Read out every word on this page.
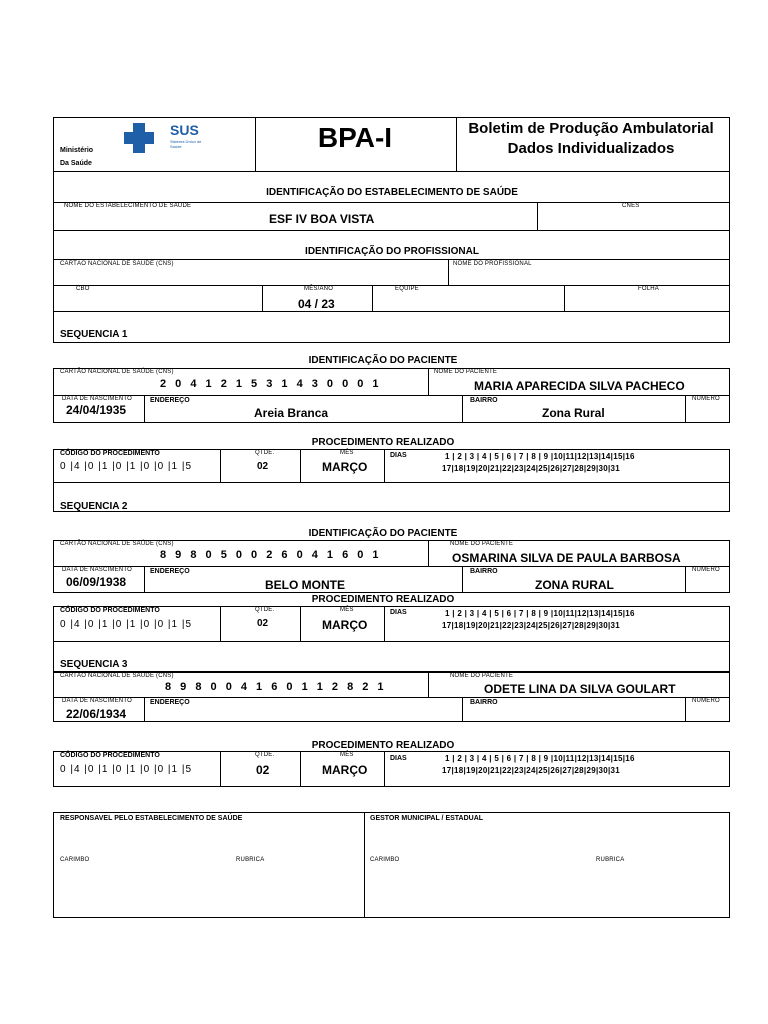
SUS
Sistema Único de Saúde
Ministério
Da Saúde
BPA-I	Boletim de Produção Ambulatorial
Dados Individualizados
IDENTIFICAÇÃO DO ESTABELECIMENTO DE SAÚDE
NOME DO ESTABELECIMENTO DE SAUDE	CNES
ESF IV BOA VISTA
IDENTIFICAÇÃO DO PROFISSIONAL
CARTÃO NACIONAL DE SAÚDE (CNS)	NOME DO PROFISSIONAL
CBO	MÊS/ANO
04 / 23
EQUIPE	FOLHA
SEQUENCIA 1
IDENTIFICAÇÃO DO PACIENTE
CARTÃO NACIONAL DE SAÚDE (CNS)
2 0 4 1 2 1 5 3 1 4 3 0 0 0 1
NOME DO PACIENTE
MARIA APARECIDA SILVA PACHECO
DATA DE NASCIMENTO
24/04/1935
ENDEREÇO
Areia Branca
BAIRRO
Zona Rural
NUMERO
PROCEDIMENTO REALIZADO
CÓDIGO DO PROCEDIMENTO
0 |4 |0 |1 |0 |1 |0 |0 |1 |5
QTDE.
02
MÊS
MARÇO
DIAS	1 | 2 | 3 | 4 | 5 | 6 | 7 | 8 | 9 |10|11|12|13|14|15|16
17|18|19|20|21|22|23|24|25|26|27|28|29|30|31
SEQUENCIA 2
IDENTIFICAÇÃO DO PACIENTE
CARTÃO NACIONAL DE SAÚDE (CNS)
8 9 8 0 5 0 0 2 6 0 4 1 6 0 1
NOME DO PACIENTE
OSMARINA SILVA DE PAULA BARBOSA
DATA DE NASCIMENTO
06/09/1938
ENDEREÇO
BELO MONTE
BAIRRO
ZONA RURAL
NUMERO
PROCEDIMENTO REALIZADO
CÓDIGO DO PROCEDIMENTO
0 |4 |0 |1 |0 |1 |0 |0 |1 |5
QTDE.
02
MÊS
MARÇO
DIAS	1 | 2 | 3 | 4 | 5 | 6 | 7 | 8 | 9 |10|11|12|13|14|15|16
17|18|19|20|21|22|23|24|25|26|27|28|29|30|31
SEQUENCIA 3
CARTÃO NACIONAL DE SAÚDE (CNS)
8 9 8 0 0 4 1 6 0 1 1 2 8 2 1
NOME DO PACIENTE
ODETE LINA DA SILVA GOULART
DATA DE NASCIMENTO
22/06/1934
ENDEREÇO	BAIRRO	NUMERO
PROCEDIMENTO REALIZADO
CÓDIGO DO PROCEDIMENTO
0 |4 |0 |1 |0 |1 |0 |0 |1 |5
QTDE.
02
MÊS
MARÇO
DIAS	1 | 2 | 3 | 4 | 5 | 6 | 7 | 8 | 9 |10|11|12|13|14|15|16
17|18|19|20|21|22|23|24|25|26|27|28|29|30|31
RESPONSAVEL PELO ESTABELECIMENTO DE SAÚDE	GESTOR MUNICIPAL / ESTADUAL
CARIMBO	RUBRICA	CARIMBO	RUBRICA
